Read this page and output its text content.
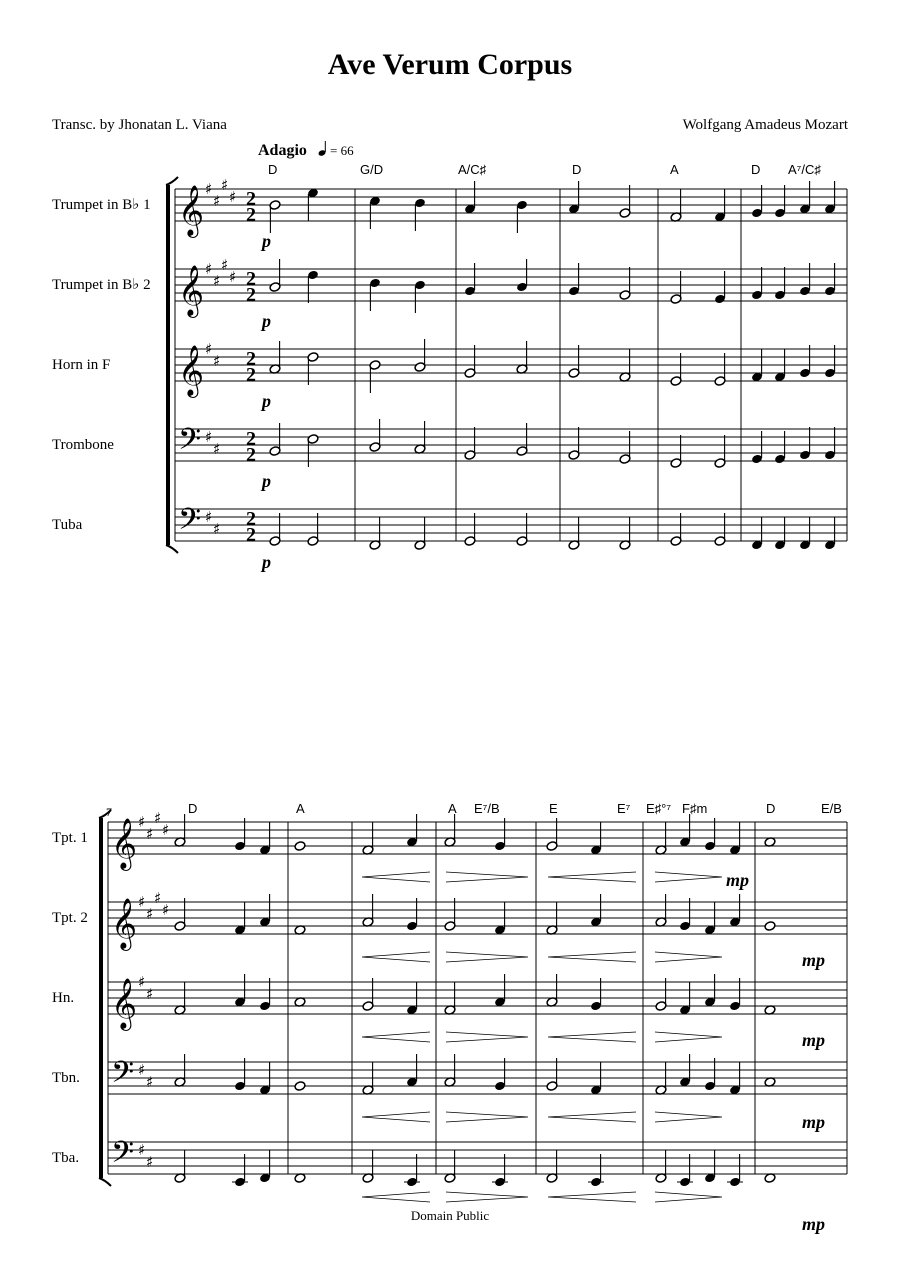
Ave Verum Corpus
Transc. by Jhonatan L. Viana	Wolfgang Amadeus Mozart
Domain Public
Adagio = 66
Trumpet in B♭ 1 𝄞 ♯
♯
♯
♯
p
Trumpet in B♭ 2 𝄞 ♯
♯
♯
♯
p
Horn in F 𝄞 ♯
♯
p
Trombone 𝄢 ♯
♯
p
Tuba	𝄢 ♯
♯
p
D	G/D	A/C♯	D	A	D A⁷/C♯
2
2
2
2
2
2
2
2
2
2
Tpt. 1 𝄞 ♯
♯
♯
♯
mp
Tpt. 2 𝄞 ♯
♯
♯
♯
mp
Hn. 𝄞 ♯
♯
mp
Tbn. 𝄢 ♯
♯
mp
Tba. 𝄢 ♯
♯
mp
D	A	A E⁷/B	E	E⁷ E♯°⁷ F♯m	D	E/B
7
